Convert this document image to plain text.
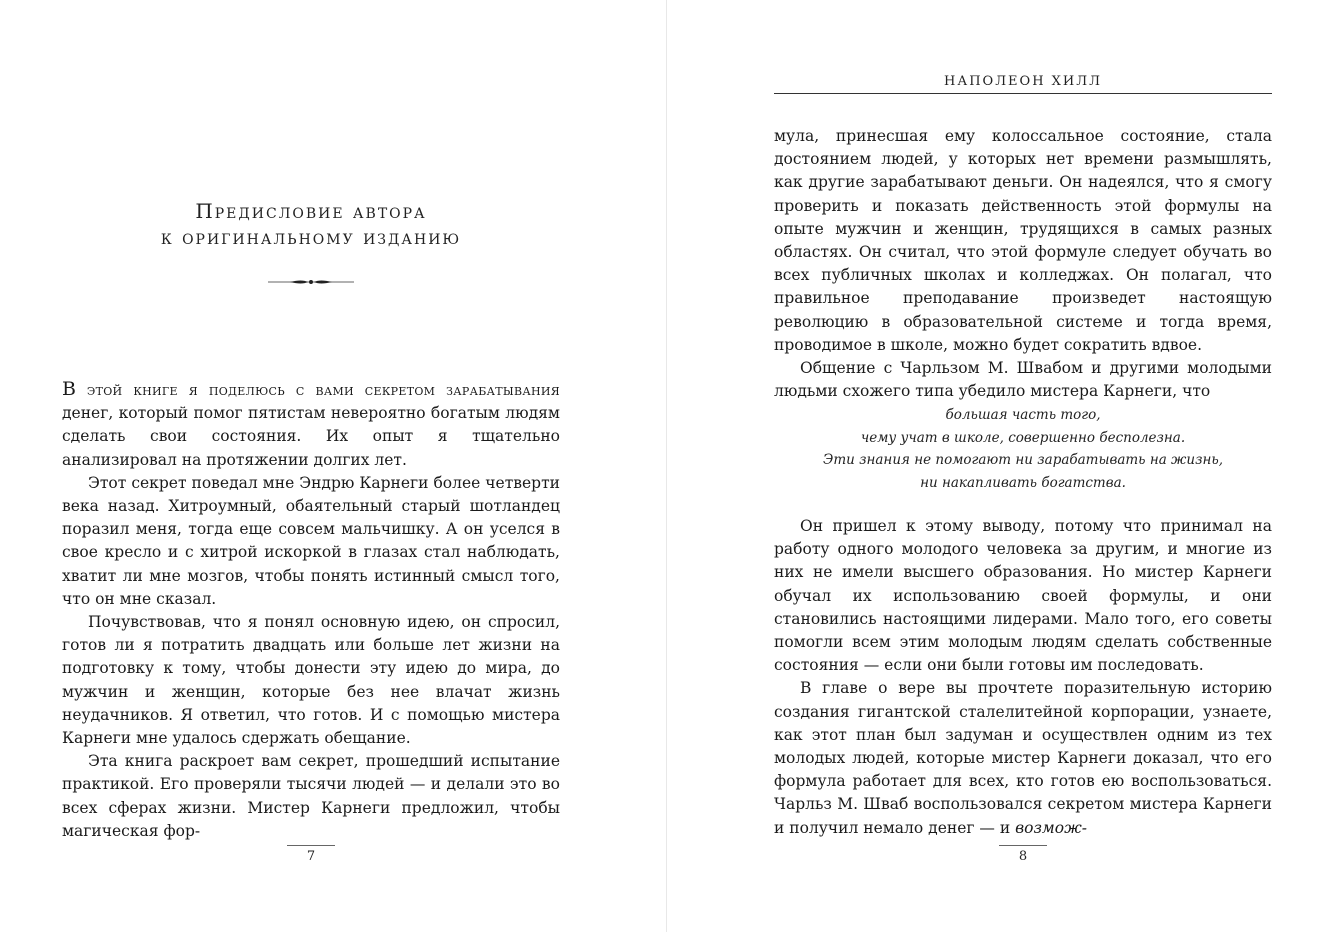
Предисловие автора
к оригинальному изданию

В этой книге я поделюсь с вами секретом зарабатывания денег, который помог пятистам невероятно богатым людям сделать свои состояния. Их опыт я тщательно анализировал на протяжении долгих лет.

Этот секрет поведал мне Эндрю Карнеги более четверти века назад. Хитроумный, обаятельный старый шотландец поразил меня, тогда еще совсем мальчишку. А он уселся в свое кресло и с хитрой искоркой в глазах стал наблюдать, хватит ли мне мозгов, чтобы понять истинный смысл того, что он мне сказал.

Почувствовав, что я понял основную идею, он спросил, готов ли я потратить двадцать или больше лет жизни на подготовку к тому, чтобы донести эту идею до мира, до мужчин и женщин, которые без нее влачат жизнь неудачников. Я ответил, что готов. И с помощью мистера Карнеги мне удалось сдержать обещание.

Эта книга раскроет вам секрет, прошедший испытание практикой. Его проверяли тысячи людей — и делали это во всех сферах жизни. Мистер Карнеги предложил, чтобы магическая фор-

7
НАПОЛЕОН ХИЛЛ

мула, принесшая ему колоссальное состояние, стала достоянием людей, у которых нет времени размышлять, как другие зарабатывают деньги. Он надеялся, что я смогу проверить и показать действенность этой формулы на опыте мужчин и женщин, трудящихся в самых разных областях. Он считал, что этой формуле следует обучать во всех публичных школах и колледжах. Он полагал, что правильное преподавание произведет настоящую революцию в образовательной системе и тогда время, проводимое в школе, можно будет сократить вдвое.

Общение с Чарльзом М. Швабом и другими молодыми людьми схожего типа убедило мистера Карнеги, что

большая часть того,
чему учат в школе, совершенно бесполезна.
Эти знания не помогают ни зарабатывать на жизнь,
ни накапливать богатства.

Он пришел к этому выводу, потому что принимал на работу одного молодого человека за другим, и многие из них не имели высшего образования. Но мистер Карнеги обучал их использованию своей формулы, и они становились настоящими лидерами. Мало того, его советы помогли всем этим молодым людям сделать собственные состояния — если они были готовы им последовать.

В главе о вере вы прочтете поразительную историю создания гигантской сталелитейной корпорации, узнаете, как этот план был задуман и осуществлен одним из тех молодых людей, которые мистер Карнеги доказал, что его формула работает для всех, кто готов ею воспользоваться. Чарльз М. Шваб воспользовался секретом мистера Карнеги и получил немало денег — и возмож-

8
